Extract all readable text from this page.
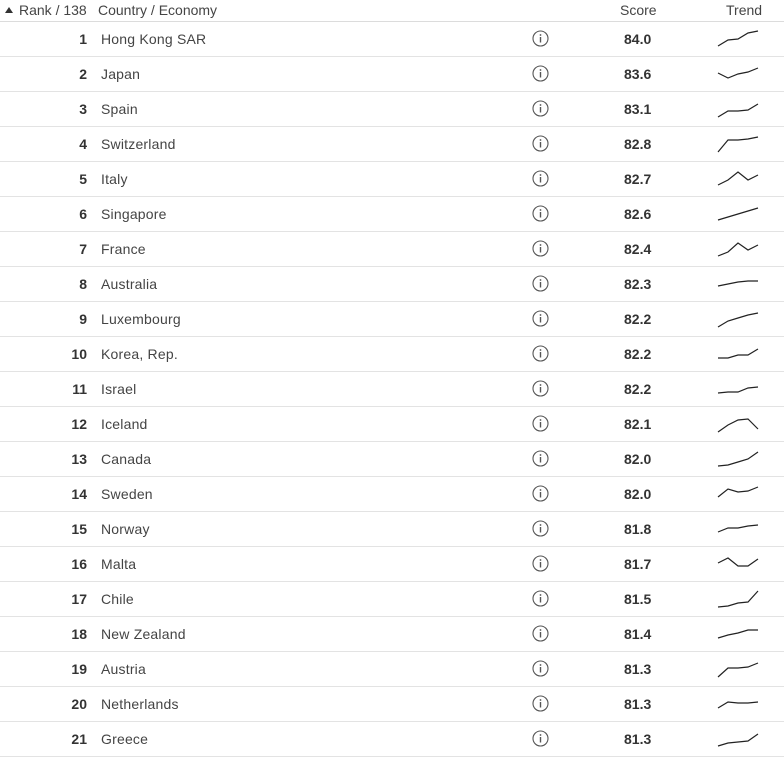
Rank / 138 Country / Economy	Score	Trend
1 Hong Kong SAR	84.0
2 Japan	83.6
3 Spain	83.1
4 Switzerland	82.8
5 Italy	82.7
6 Singapore	82.6
7 France	82.4
8 Australia	82.3
9 Luxembourg	82.2
10 Korea, Rep.	82.2
11 Israel	82.2
12 Iceland	82.1
13 Canada	82.0
14 Sweden	82.0
15 Norway	81.8
16 Malta	81.7
17 Chile	81.5
18 New Zealand	81.4
19 Austria	81.3
20 Netherlands	81.3
21 Greece	81.3
